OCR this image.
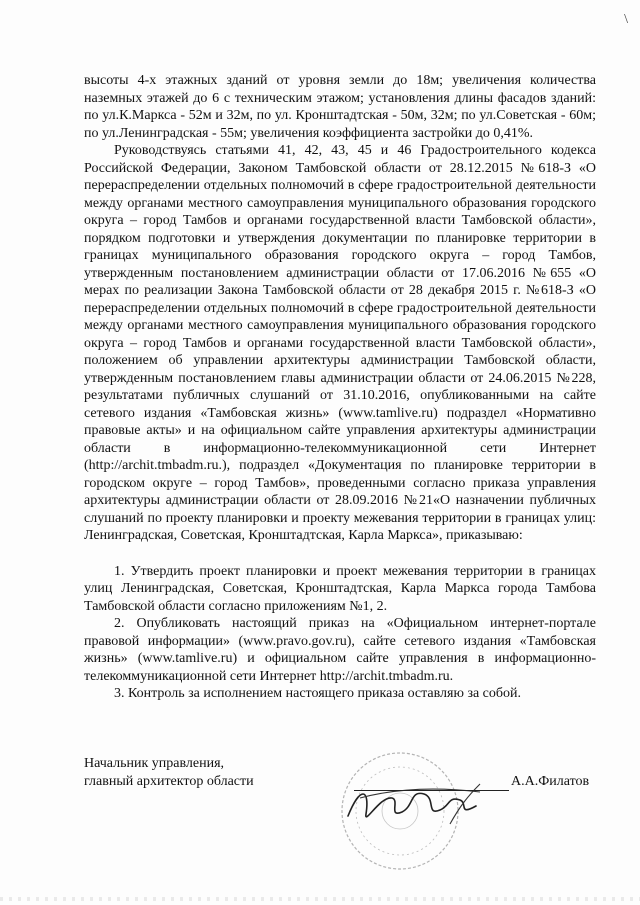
\

высоты 4-х этажных зданий от уровня земли до 18м; увеличения количества наземных этажей до 6 с техническим этажом; установления длины фасадов зданий: по ул.К.Маркса - 52м и 32м, по ул. Кронштадтская - 50м, 32м; по ул.Советская - 60м; по ул.Ленинградская - 55м; увеличения коэффициента застройки до 0,41%.

Руководствуясь статьями 41, 42, 43, 45 и 46 Градостроительного кодекса Российской Федерации, Законом Тамбовской области от 28.12.2015 №618-З «О перераспределении отдельных полномочий в сфере градостроительной деятельности между органами местного самоуправления муниципального образования городского округа – город Тамбов и органами государственной власти Тамбовской области», порядком подготовки и утверждения документации по планировке территории в границах муниципального образования городского округа – город Тамбов, утвержденным постановлением администрации области от 17.06.2016 №655 «О мерах по реализации Закона Тамбовской области от 28 декабря 2015 г. №618-З «О перераспределении отдельных полномочий в сфере градостроительной деятельности между органами местного самоуправления муниципального образования городского округа – город Тамбов и органами государственной власти Тамбовской области», положением об управлении архитектуры администрации Тамбовской области, утвержденным постановлением главы администрации области от 24.06.2015 №228, результатами публичных слушаний от 31.10.2016, опубликованными на сайте сетевого издания «Тамбовская жизнь» (www.tamlive.ru) подраздел «Нормативно правовые акты» и на официальном сайте управления архитектуры администрации области в информационно-телекоммуникационной сети Интернет (http://archit.tmbadm.ru.), подраздел «Документация по планировке территории в городском округе – город Тамбов», проведенными согласно приказа управления архитектуры администрации области от 28.09.2016 №21«О назначении публичных слушаний по проекту планировки и проекту межевания территории в границах улиц: Ленинградская, Советская, Кронштадтская, Карла Маркса», приказываю:

1. Утвердить проект планировки и проект межевания территории в границах улиц Ленинградская, Советская, Кронштадтская, Карла Маркса города Тамбова Тамбовской области согласно приложениям №1, 2.

2. Опубликовать настоящий приказ на «Официальном интернет-портале правовой информации» (www.pravo.gov.ru), сайте сетевого издания «Тамбовская жизнь» (www.tamlive.ru) и официальном сайте управления в информационно-телекоммуникационной сети Интернет http://archit.tmbadm.ru.

3. Контроль за исполнением настоящего приказа оставляю за собой.

Начальник управления,
главный архитектор области	А.А.Филатов
